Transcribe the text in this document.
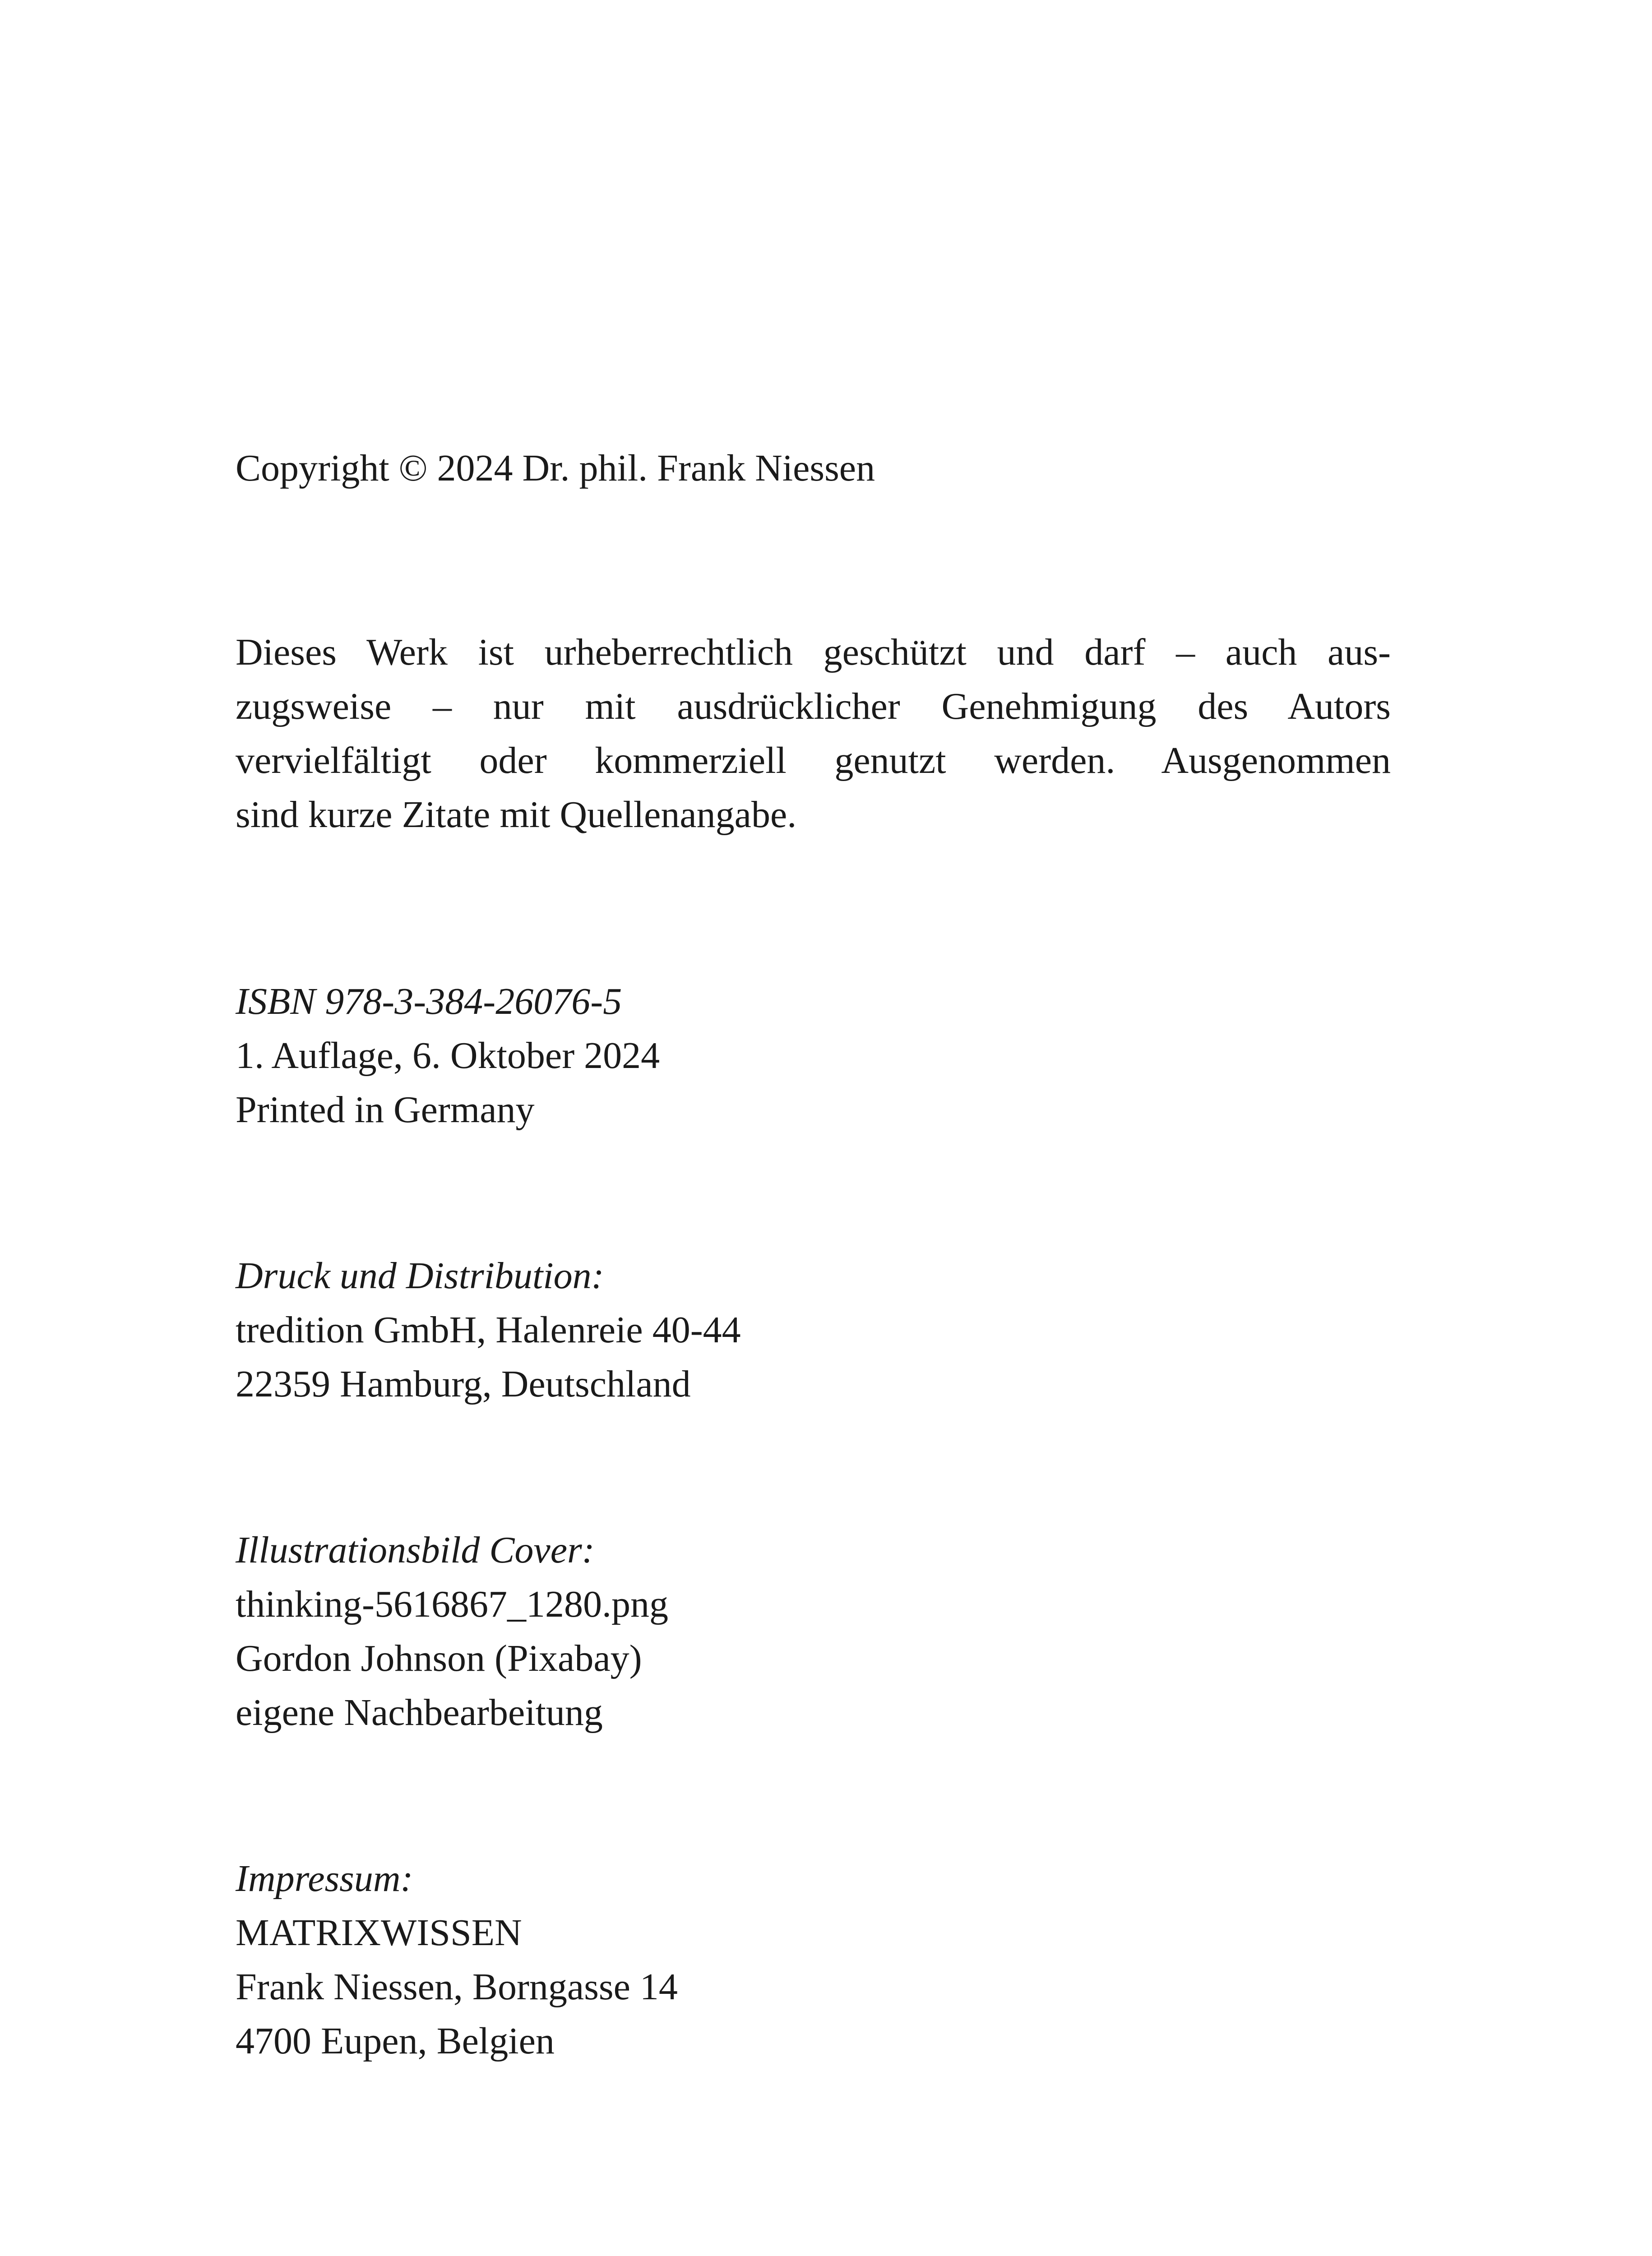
Copyright © 2024 Dr. phil. Frank Niessen
Dieses Werk ist urheberrechtlich geschützt und darf – auch aus-
zugsweise – nur mit ausdrücklicher Genehmigung des Autors
vervielfältigt oder kommerziell genutzt werden. Ausgenommen
sind kurze Zitate mit Quellenangabe.
ISBN 978-3-384-26076-5
1. Auflage, 6. Oktober 2024
Printed in Germany
Druck und Distribution:
tredition GmbH, Halenreie 40-44
22359 Hamburg, Deutschland
Illustrationsbild Cover:
thinking-5616867_1280.png
Gordon Johnson (Pixabay)
eigene Nachbearbeitung
Impressum:
MATRIXWISSEN
Frank Niessen, Borngasse 14
4700 Eupen, Belgien
